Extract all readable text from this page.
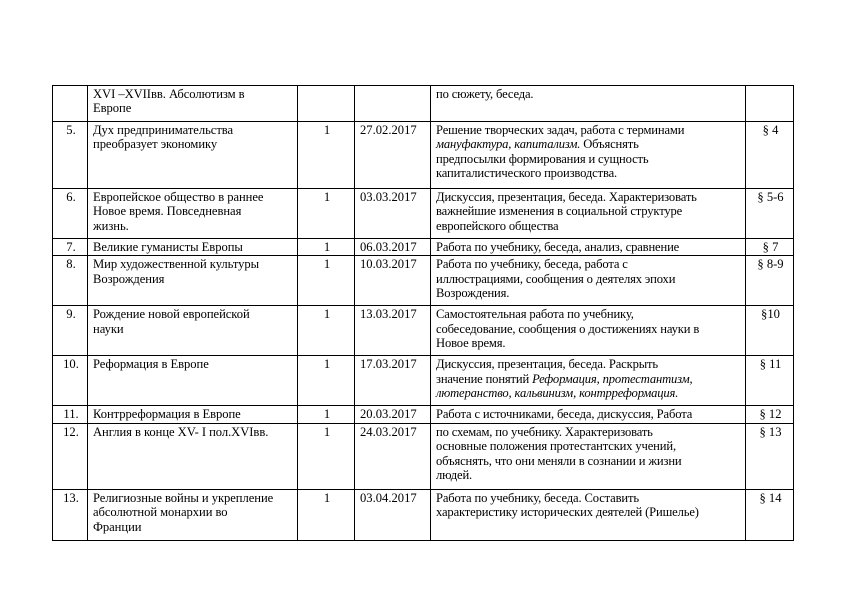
	XVI –XVIIвв. Абсолютизм в
Европе			по сюжету, беседа.	
5.	Дух предпринимательства
преобразует экономику	1	27.02.2017	Решение творческих задач, работа с терминами
мануфактура, капитализм. Объяснять
предпосылки формирования и сущность
капиталистического производства.	§ 4
6.	Европейское общество в раннее
Новое время. Повседневная
жизнь.	1	03.03.2017	Дискуссия, презентация, беседа. Характеризовать
важнейшие изменения в социальной структуре
европейского общества	§ 5-6
7.	Великие гуманисты Европы	1	06.03.2017	Работа по учебнику, беседа, анализ, сравнение	§ 7
8.	Мир художественной культуры
Возрождения	1	10.03.2017	Работа по учебнику, беседа, работа с
иллюстрациями, сообщения о деятелях эпохи
Возрождения.	§ 8-9
9.	Рождение новой европейской
науки	1	13.03.2017	Самостоятельная работа по учебнику,
собеседование, сообщения о достижениях науки в
Новое время.	§10
10.	Реформация в Европе	1	17.03.2017	Дискуссия, презентация, беседа. Раскрыть
значение понятий Реформация, протестантизм,
лютеранство, кальвинизм, контрреформация.	§ 11
11.	Контрреформация в Европе	1	20.03.2017	Работа с источниками, беседа, дискуссия, Работа	§ 12
12.	Англия в конце XV- I пол.XVIвв.	1	24.03.2017	по схемам, по учебнику. Характеризовать
основные положения протестантских учений,
объяснять, что они меняли в сознании и жизни
людей.	§ 13
13.	Религиозные войны и укрепление
абсолютной монархии во
Франции	1	03.04.2017	Работа по учебнику, беседа. Составить
характеристику исторических деятелей (Ришелье)	§ 14
